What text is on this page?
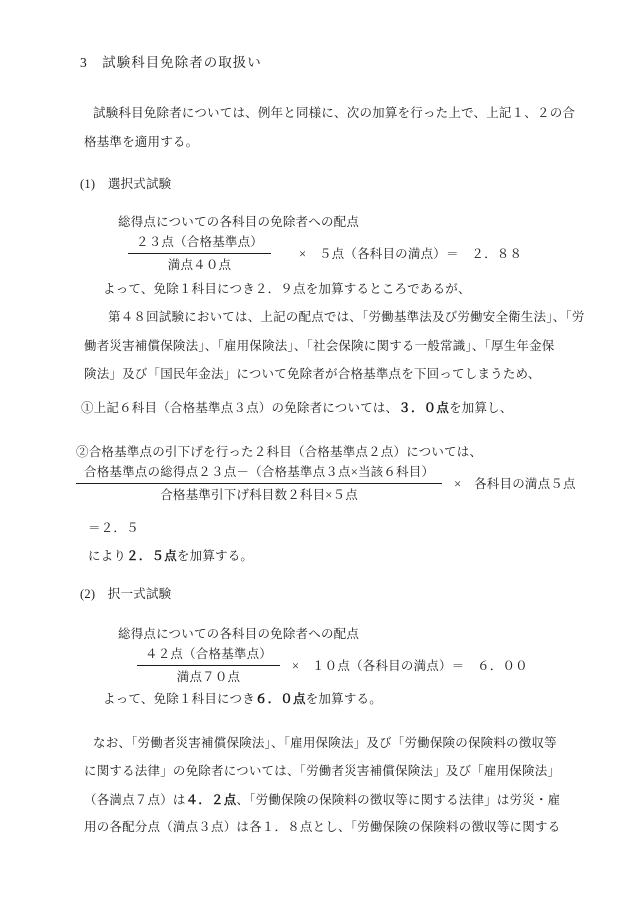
3　試験科目免除者の取扱い
試験科目免除者については、例年と同様に、次の加算を行った上で、上記１、２の合
格基準を適用する。
(1)　選択式試験
総得点についての各科目の免除者への配点
$\frac{\text{２３点（合格基準点）}}{\text{満点４０点}}$ ×　５点（各科目の満点）＝　２．８８
よって、免除１科目につき２．９点を加算するところであるが、
第４８回試験においては、上記の配点では、「労働基準法及び労働安全衛生法」、「労
働者災害補償保険法」、「雇用保険法」、「社会保険に関する一般常識」、「厚生年金保
険法」及び「国民年金法」について免除者が合格基準点を下回ってしまうため、
①上記６科目（合格基準点３点）の免除者については、３．０点を加算し、
②合格基準点の引下げを行った２科目（合格基準点２点）については、
$\frac{\text{合格基準点の総得点２３点－（合格基準点３点×当該６科目）}}{\text{合格基準引下げ科目数２科目×５点}}$ ×　各科目の満点５点
＝２．５
により２．５点を加算する。
(2)　択一式試験
総得点についての各科目の免除者への配点
$\frac{\text{４２点（合格基準点）}}{\text{満点７０点}}$ ×　１０点（各科目の満点）＝　６．００
よって、免除１科目につき６．０点を加算する。
なお、「労働者災害補償保険法」、「雇用保険法」及び「労働保険の保険料の徴収等
に関する法律」の免除者については、「労働者災害補償保険法」及び「雇用保険法」
（各満点７点）は４．２点、「労働保険の保険料の徴収等に関する法律」は労災・雇
用の各配分点（満点３点）は各１．８点とし、「労働保険の保険料の徴収等に関する
